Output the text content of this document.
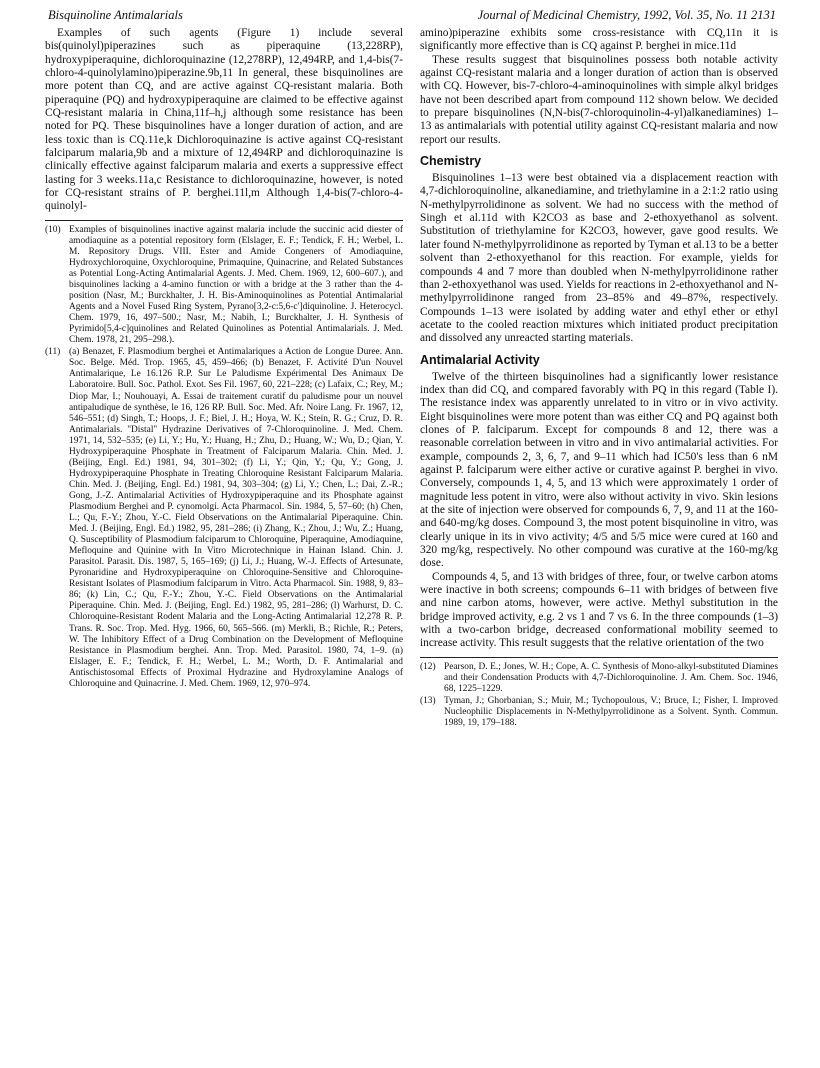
Bisquinoline Antimalarials	Journal of Medicinal Chemistry, 1992, Vol. 35, No. 11 2131

Examples of such agents (Figure 1) include several bis(quinolyl)piperazines such as piperaquine (13,228RP), hydroxypiperaquine, dichloroquinazine (12,278RP), 12,494RP, and 1,4-bis(7-chloro-4-quinolylamino)piperazine.9b,11 In general, these bisquinolines are more potent than CQ, and are active against CQ-resistant malaria. Both piperaquine (PQ) and hydroxypiperaquine are claimed to be effective against CQ-resistant malaria in China,11f–h,j although some resistance has been noted for PQ. These bisquinolines have a longer duration of action, and are less toxic than is CQ.11e,k Dichloroquinazine is active against CQ-resistant falciparum malaria,9b and a mixture of 12,494RP and dichloroquinazine is clinically effective against falciparum malaria and exerts a suppressive effect lasting for 3 weeks.11a,c Resistance to dichloroquinazine, however, is noted for CQ-resistant strains of P. berghei.11l,m Although 1,4-bis(7-chloro-4-quinolyl-

(10) Examples of bisquinolines inactive against malaria include the succinic acid diester of amodiaquine as a potential repository form (Elslager, E. F.; Tendick, F. H.; Werbel, L. M. Repository Drugs. VIII. Ester and Amide Congeners of Amodiaquine, Hydroxychloroquine, Oxychloroquine, Primaquine, Quinacrine, and Related Substances as Potential Long-Acting Antimalarial Agents. J. Med. Chem. 1969, 12, 600–607.), and bisquinolines lacking a 4-amino function or with a bridge at the 3 rather than the 4-position (Nasr, M.; Burckhalter, J. H. Bis-Aminoquinolines as Potential Antimalarial Agents and a Novel Fused Ring System, Pyrano[3,2-c:5,6-c′]diquinoline. J. Heterocycl. Chem. 1979, 16, 497–500.; Nasr, M.; Nabih, I.; Burckhalter, J. H. Synthesis of Pyrimido[5,4-c]quinolines and Related Quinolines as Potential Antimalarials. J. Med. Chem. 1978, 21, 295–298.).
(11) (a) Benazet, F. Plasmodium berghei et Antimalariques a Action de Longue Duree. Ann. Soc. Belge. Méd. Trop. 1965, 45, 459–466; (b) Benazet, F. Activité D'un Nouvel Antimalarique, Le 16.126 R.P. Sur Le Paludisme Expérimental Des Animaux De Laboratoire. Bull. Soc. Pathol. Exot. Ses Fil. 1967, 60, 221–228; (c) Lafaix, C.; Rey, M.; Diop Mar, I.; Nouhouayi, A. Essai de traitement curatif du paludisme pour un nouvel antipaludique de synthèse, le 16, 126 RP. Bull. Soc. Med. Afr. Noire Lang. Fr. 1967, 12, 546–551; (d) Singh, T.; Hoops, J. F.; Biel, J. H.; Hoya, W. K.; Stein, R. G.; Cruz, D. R. Antimalarials. "Distal" Hydrazine Derivatives of 7-Chloroquinoline. J. Med. Chem. 1971, 14, 532–535; (e) Li, Y.; Hu, Y.; Huang, H.; Zhu, D.; Huang, W.; Wu, D.; Qian, Y. Hydroxypiperaquine Phosphate in Treatment of Falciparum Malaria. Chin. Med. J. (Beijing, Engl. Ed.) 1981, 94, 301–302; (f) Li, Y.; Qin, Y.; Qu, Y.; Gong, J. Hydroxypiperaquine Phosphate in Treating Chloroquine Resistant Falciparum Malaria. Chin. Med. J. (Beijing, Engl. Ed.) 1981, 94, 303–304; (g) Li, Y.; Chen, L.; Dai, Z.-R.; Gong, J.-Z. Antimalarial Activities of Hydroxypiperaquine and its Phosphate against Plasmodium Berghei and P. cynomolgi. Acta Pharmacol. Sin. 1984, 5, 57–60; (h) Chen, L.; Qu, F.-Y.; Zhou, Y.-C. Field Observations on the Antimalarial Piperaquine. Chin. Med. J. (Beijing, Engl. Ed.) 1982, 95, 281–286; (i) Zhang, K.; Zhou, J.; Wu, Z.; Huang, Q. Susceptibility of Plasmodium falciparum to Chloroquine, Piperaquine, Amodiaquine, Mefloquine and Quinine with In Vitro Microtechnique in Hainan Island. Chin. J. Parasitol. Parasit. Dis. 1987, 5, 165–169; (j) Li, J.; Huang, W.-J. Effects of Artesunate, Pyronaridine and Hydroxypiperaquine on Chloroquine-Sensitive and Chloroquine-Resistant Isolates of Plasmodium falciparum in Vitro. Acta Pharmacol. Sin. 1988, 9, 83–86; (k) Lin, C.; Qu, F.-Y.; Zhou, Y.-C. Field Observations on the Antimalarial Piperaquine. Chin. Med. J. (Beijing, Engl. Ed.) 1982, 95, 281–286; (l) Warhurst, D. C. Chloroquine-Resistant Rodent Malaria and the Long-Acting Antimalarial 12,278 R. P. Trans. R. Soc. Trop. Med. Hyg. 1966, 60, 565–566. (m) Merkli, B.; Richle, R.; Peters, W. The Inhibitory Effect of a Drug Combination on the Development of Mefloquine Resistance in Plasmodium berghei. Ann. Trop. Med. Parasitol. 1980, 74, 1–9. (n) Elslager, E. F.; Tendick, F. H.; Werbel, L. M.; Worth, D. F. Antimalarial and Antischistosomal Effects of Proximal Hydrazine and Hydroxylamine Analogs of Chloroquine and Quinacrine. J. Med. Chem. 1969, 12, 970–974.

amino)piperazine exhibits some cross-resistance with CQ,11n it is significantly more effective than is CQ against P. berghei in mice.11d

These results suggest that bisquinolines possess both notable activity against CQ-resistant malaria and a longer duration of action than is observed with CQ. However, bis-7-chloro-4-aminoquinolines with simple alkyl bridges have not been described apart from compound 112 shown below. We decided to prepare bisquinolines (N,N-bis(7-chloroquinolin-4-yl)alkanediamines) 1–13 as antimalarials with potential utility against CQ-resistant malaria and now report our results.

Chemistry

Bisquinolines 1–13 were best obtained via a displacement reaction with 4,7-dichloroquinoline, alkanediamine, and triethylamine in a 2:1:2 ratio using N-methylpyrrolidinone as solvent. We had no success with the method of Singh et al.11d with K2CO3 as base and 2-ethoxyethanol as solvent. Substitution of triethylamine for K2CO3, however, gave good results. We later found N-methylpyrrolidinone as reported by Tyman et al.13 to be a better solvent than 2-ethoxyethanol for this reaction. For example, yields for compounds 4 and 7 more than doubled when N-methylpyrrolidinone rather than 2-ethoxyethanol was used. Yields for reactions in 2-ethoxyethanol and N-methylpyrrolidinone ranged from 23–85% and 49–87%, respectively. Compounds 1–13 were isolated by adding water and ethyl ether or ethyl acetate to the cooled reaction mixtures which initiated product precipitation and dissolved any unreacted starting materials.

Antimalarial Activity

Twelve of the thirteen bisquinolines had a significantly lower resistance index than did CQ, and compared favorably with PQ in this regard (Table I). The resistance index was apparently unrelated to in vitro or in vivo activity. Eight bisquinolines were more potent than was either CQ and PQ against both clones of P. falciparum. Except for compounds 8 and 12, there was a reasonable correlation between in vitro and in vivo antimalarial activities. For example, compounds 2, 3, 6, 7, and 9–11 which had IC50's less than 6 nM against P. falciparum were either active or curative against P. berghei in vivo. Conversely, compounds 1, 4, 5, and 13 which were approximately 1 order of magnitude less potent in vitro, were also without activity in vivo. Skin lesions at the site of injection were observed for compounds 6, 7, 9, and 11 at the 160- and 640-mg/kg doses. Compound 3, the most potent bisquinoline in vitro, was clearly unique in its in vivo activity; 4/5 and 5/5 mice were cured at 160 and 320 mg/kg, respectively. No other compound was curative at the 160-mg/kg dose.

Compounds 4, 5, and 13 with bridges of three, four, or twelve carbon atoms were inactive in both screens; compounds 6–11 with bridges of between five and nine carbon atoms, however, were active. Methyl substitution in the bridge improved activity, e.g. 2 vs 1 and 7 vs 6. In the three compounds (1–3) with a two-carbon bridge, decreased conformational mobility seemed to increase activity. This result suggests that the relative orientation of the two

(12) Pearson, D. E.; Jones, W. H.; Cope, A. C. Synthesis of Mono-alkyl-substituted Diamines and their Condensation Products with 4,7-Dichloroquinoline. J. Am. Chem. Soc. 1946, 68, 1225–1229.
(13) Tyman, J.; Ghorbanian, S.; Muir, M.; Tychopoulous, V.; Bruce, I.; Fisher, I. Improved Nucleophilic Displacements in N-Methylpyrrolidinone as a Solvent. Synth. Commun. 1989, 19, 179–188.
